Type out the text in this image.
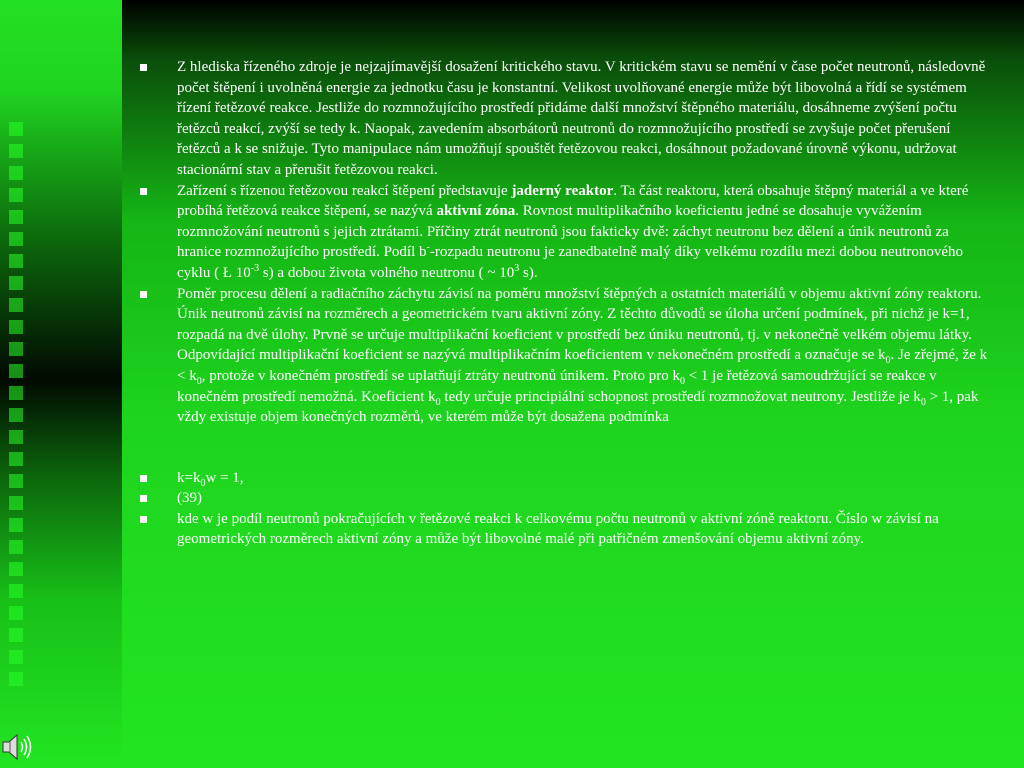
Z hlediska řízeného zdroje je nejzajímavější dosažení kritického stavu. V kritickém stavu se nemění v čase počet neutronů, následovně počet štěpení i uvolněná energie za jednotku času je konstantní. Velikost uvolňované energie může být libovolná a řídí se systémem řízení řetězové reakce. Jestliže do rozmnožujícího prostředí přidáme další množství štěpného materiálu, dosáhneme zvýšení počtu řetězců reakcí, zvýší se tedy k. Naopak, zavedením absorbátorů neutronů do rozmnožujícího prostředí se zvyšuje počet přerušení řetězců a k se snižuje. Tyto manipulace nám umožňují spouštět řetězovou reakci, dosáhnout požadované úrovně výkonu, udržovat stacionární stav a přerušit řetězovou reakci.
Zařízení s řízenou řetězovou reakcí štěpení představuje jaderný reaktor. Ta část reaktoru, která obsahuje štěpný materiál a ve které probíhá řetězová reakce štěpení, se nazývá aktivní zóna. Rovnost multiplikačního koeficientu jedné se dosahuje vyvážením rozmnožování neutronů s jejich ztrátami. Příčiny ztrát neutronů jsou fakticky dvě: záchyt neutronu bez dělení a únik neutronů za hranice rozmnožujícího prostředí. Podíl b--rozpadu neutronu je zanedbatelně malý díky velkému rozdílu mezi dobou neutronového cyklu ( Ł $10^{-3}$ s) a dobou života volného neutronu ( ~ $10^3$ s).
Poměr procesu dělení a radiačního záchytu závisí na poměru množství štěpných a ostatních materiálů v objemu aktivní zóny reaktoru. Únik neutronů závisí na rozměrech a geometrickém tvaru aktivní zóny. Z těchto důvodů se úloha určení podmínek, při nichž je k=1, rozpadá na dvě úlohy. Prvně se určuje multiplikační koeficient v prostředí bez úniku neutronů, tj. v nekonečně velkém objemu látky. Odpovídající multiplikační koeficient se nazývá multiplikačním koeficientem v nekonečném prostředí a označuje se $k_0$. Je zřejmé, že $k < k_0$, protože v konečném prostředí se uplatňují ztráty neutronů únikem. Proto pro $k_0 < 1$ je řetězová samoudržující se reakce v konečném prostředí nemožná. Koeficient $k_0$ tedy určuje principiální schopnost prostředí rozmnožovat neutrony. Jestliže je $k_0 > 1$, pak vždy existuje objem konečných rozměrů, ve kterém může být dosažena podmínka
$k=k_0w = 1$,
(39)
kde w je podíl neutronů pokračujících v řetězové reakci k celkovému počtu neutronů v aktivní zóně reaktoru. Číslo w závisí na geometrických rozměrech aktivní zóny a může být libovolné malé při patřičném zmenšování objemu aktivní zóny.
